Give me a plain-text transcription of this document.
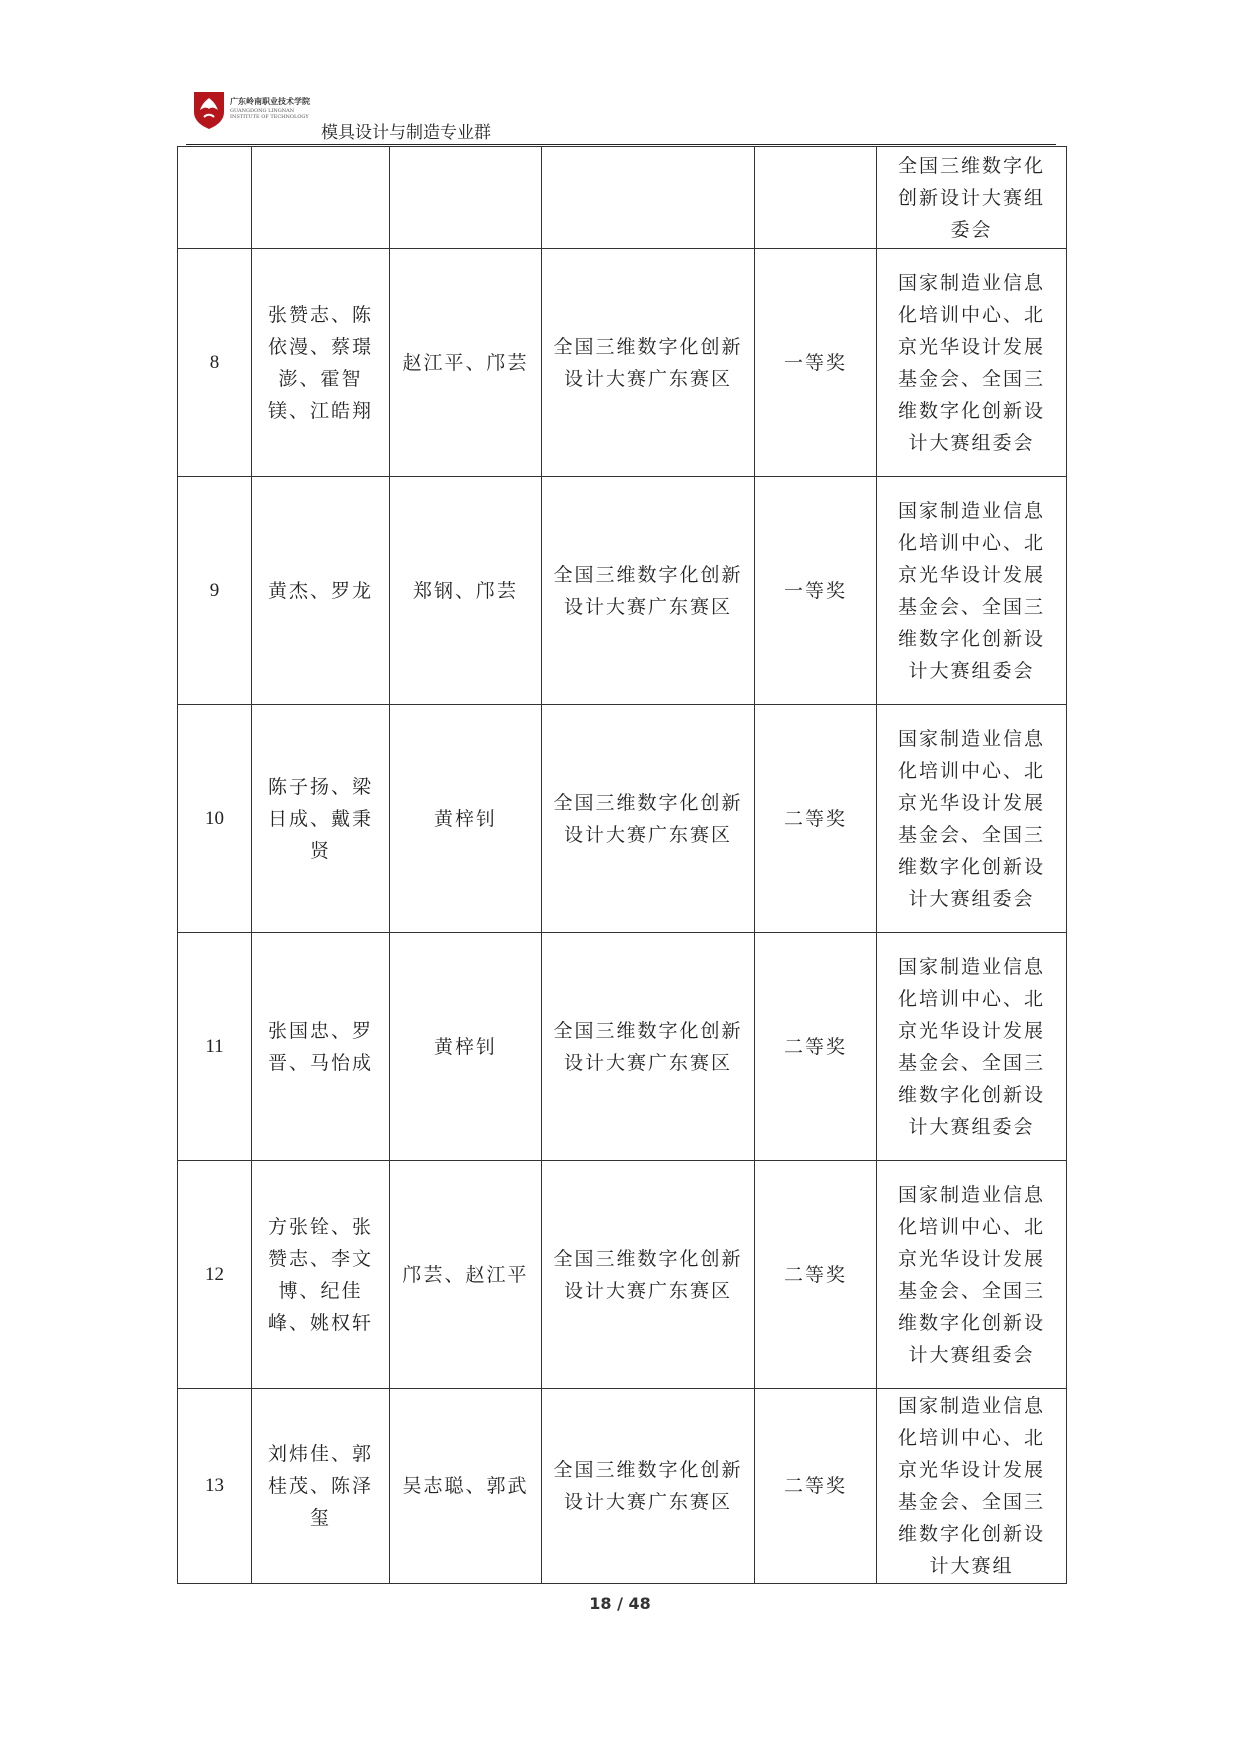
广东岭南职业技术学院
GUANGDONG LINGNAN
INSTITUTE OF TECHNOLOGY
模具设计与制造专业群
					全国三维数字化创新设计大赛组委会
8	张赞志、陈依漫、蔡璟澎、霍智镁、江皓翔	赵江平、邝芸	全国三维数字化创新设计大赛广东赛区	一等奖	国家制造业信息化培训中心、北京光华设计发展基金会、全国三维数字化创新设计大赛组委会
9	黄杰、罗龙	郑钢、邝芸	全国三维数字化创新设计大赛广东赛区	一等奖	国家制造业信息化培训中心、北京光华设计发展基金会、全国三维数字化创新设计大赛组委会
10	陈子扬、梁日成、戴秉贤	黄梓钊	全国三维数字化创新设计大赛广东赛区	二等奖	国家制造业信息化培训中心、北京光华设计发展基金会、全国三维数字化创新设计大赛组委会
11	张国忠、罗晋、马怡成	黄梓钊	全国三维数字化创新设计大赛广东赛区	二等奖	国家制造业信息化培训中心、北京光华设计发展基金会、全国三维数字化创新设计大赛组委会
12	方张铨、张赞志、李文博、纪佳峰、姚权轩	邝芸、赵江平	全国三维数字化创新设计大赛广东赛区	二等奖	国家制造业信息化培训中心、北京光华设计发展基金会、全国三维数字化创新设计大赛组委会
13	刘炜佳、郭桂茂、陈泽玺	吴志聪、郭武	全国三维数字化创新设计大赛广东赛区	二等奖	国家制造业信息化培训中心、北京光华设计发展基金会、全国三维数字化创新设计大赛组
18 / 48
